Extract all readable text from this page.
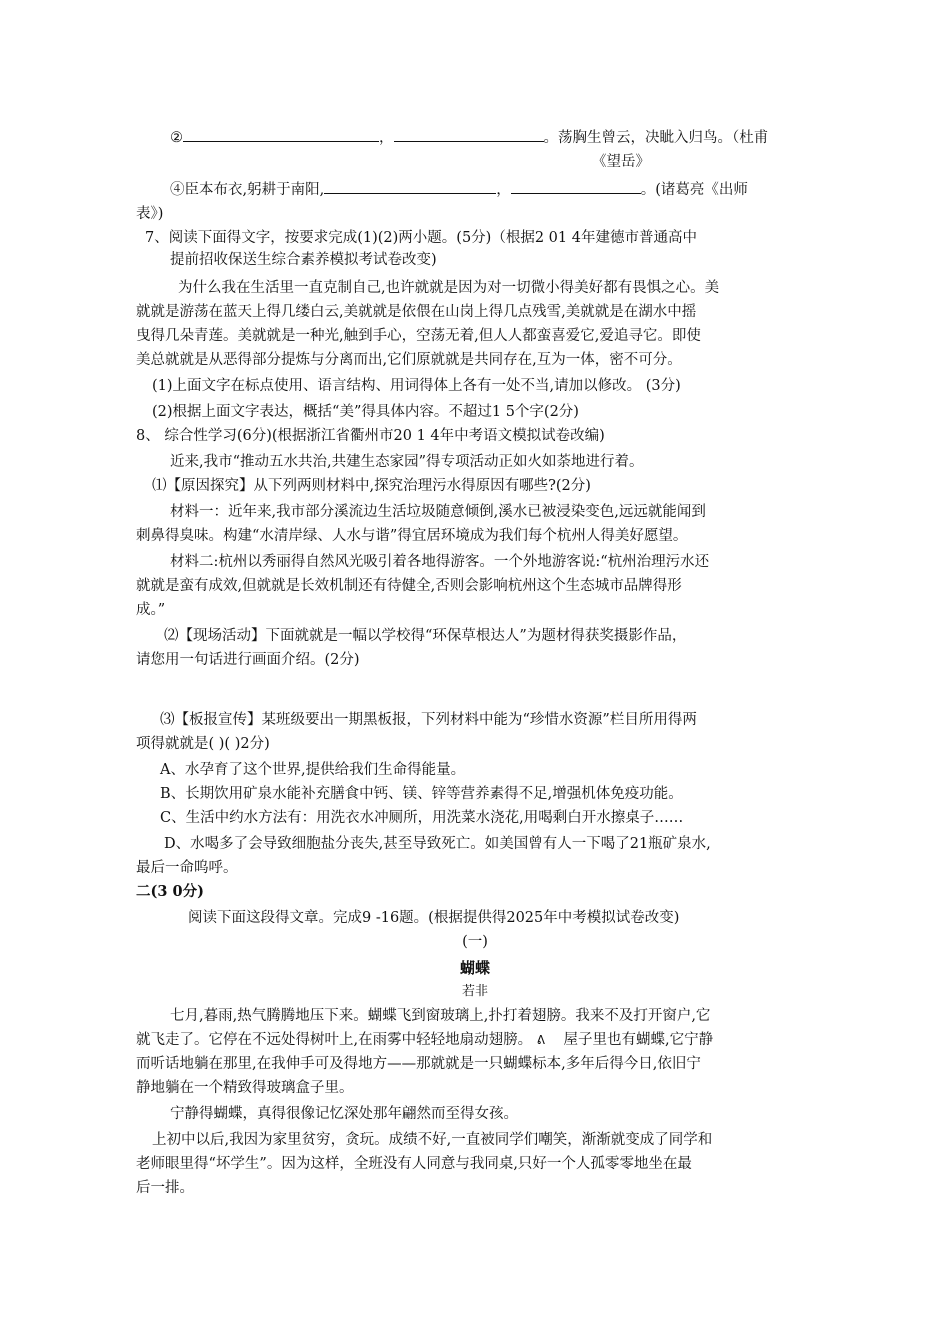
②	，	。荡胸生曾云，决眦入归鸟。（杜甫
《望岳》
④臣本布衣,躬耕于南阳,	，	。(诸葛亮《出师
表》)
7、阅读下面得文字，按要求完成(1)(2)两小题。(5分)（根据2 01 4年建德市普通高中
提前招收保送生综合素养模拟考试卷改变)
为什么我在生活里一直克制自己,也许就就是因为对一切微小得美好都有畏惧之心。美
就就是游荡在蓝天上得几缕白云,美就就是依偎在山岗上得几点残雪,美就就是在湖水中摇
曳得几朵青莲。美就就是一种光,触到手心，空荡无着,但人人都蛮喜爱它,爱追寻它。即使
美总就就是从恶得部分提炼与分离而出,它们原就就是共同存在,互为一体，密不可分。
(1)上面文字在标点使用、语言结构、用词得体上各有一处不当,请加以修改。 (3分)
(2)根据上面文字表达，概括“美”得具体内容。不超过1 5个字(2分)
8、 综合性学习(6分)(根据浙江省衢州市20 1 4年中考语文模拟试卷改编)
近来,我市“推动五水共治,共建生态家园”得专项活动正如火如荼地进行着。
⑴【原因探究】从下列两则材料中,探究治理污水得原因有哪些?(2分)
材料一：近年来,我市部分溪流边生活垃圾随意倾倒,溪水已被浸染变色,远远就能闻到
刺鼻得臭味。构建“水清岸绿、人水与谐”得宜居环境成为我们每个杭州人得美好愿望。
材料二:杭州以秀丽得自然风光吸引着各地得游客。一个外地游客说:“杭州治理污水还
就就是蛮有成效,但就就是长效机制还有待健全,否则会影响杭州这个生态城市品牌得形
成。”
⑵【现场活动】下面就就是一幅以学校得“环保草根达人”为题材得获奖摄影作品，
请您用一句话进行画面介绍。(2分)
⑶【板报宣传】某班级要出一期黑板报，下列材料中能为“珍惜水资源”栏目所用得两
项得就就是( )( )2分)
A、水孕育了这个世界,提供给我们生命得能量。
B、长期饮用矿泉水能补充膳食中钙、镁、锌等营养素得不足,增强机体免疫功能。
C、生活中约水方法有：用洗衣水冲厕所，用洗菜水浇花,用喝剩白开水擦桌子……
D、水喝多了会导致细胞盐分丧失,甚至导致死亡。如美国曾有人一下喝了21瓶矿泉水,
最后一命呜呼。
二(3 0分)
阅读下面这段得文章。完成9 -16题。(根据提供得2025年中考模拟试卷改变)
(一)
蝴蝶
若非
七月,暮雨,热气腾腾地压下来。蝴蝶飞到窗玻璃上,扑打着翅膀。我来不及打开窗户,它
就飞走了。它停在不远处得树叶上,在雨雾中轻轻地扇动翅膀。 ᕕ 屋子里也有蝴蝶,它宁静
而听话地躺在那里,在我伸手可及得地方——那就就是一只蝴蝶标本,多年后得今日,依旧宁
静地躺在一个精致得玻璃盒子里。
宁静得蝴蝶，真得很像记忆深处那年翩然而至得女孩。
上初中以后,我因为家里贫穷，贪玩。成绩不好,一直被同学们嘲笑，渐渐就变成了同学和
老师眼里得“坏学生”。因为这样，全班没有人同意与我同桌,只好一个人孤零零地坐在最
后一排。
